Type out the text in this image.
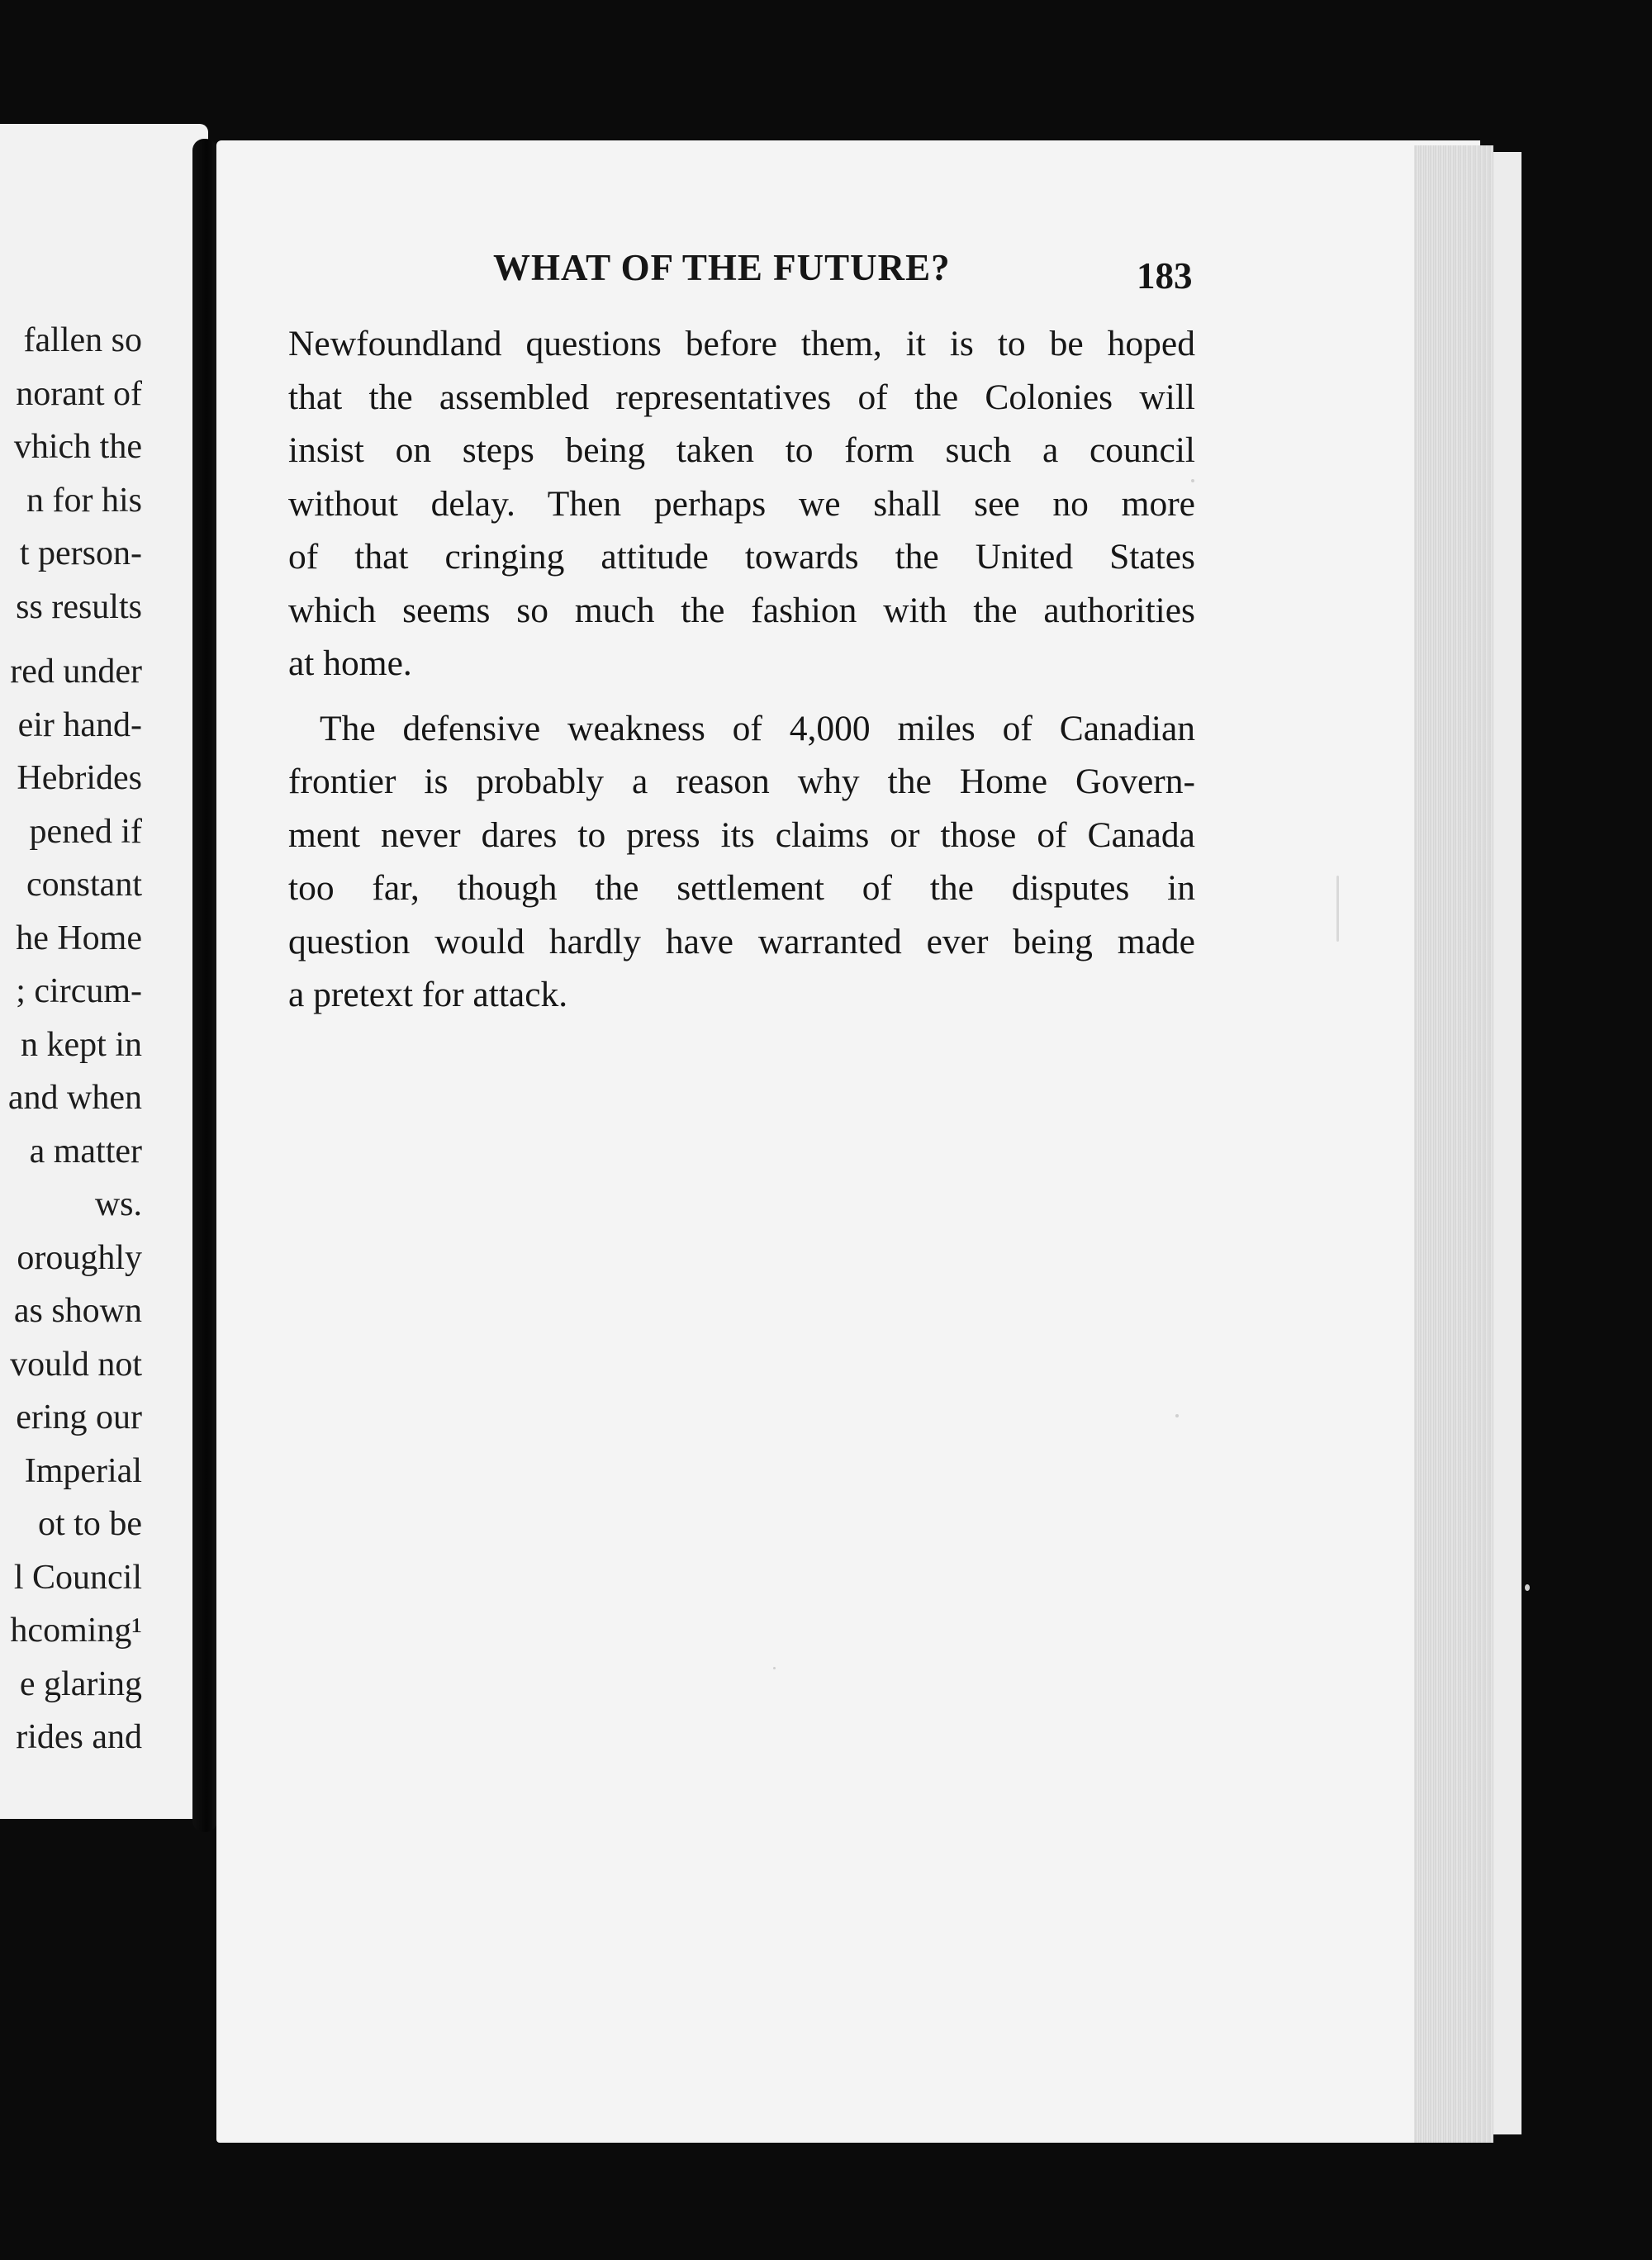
fallen so
norant of
vhich the
n for his
t person-
ss results
red under
eir hand-
Hebrides
pened if
constant
he Home
; circum-
n kept in
and when
a matter
ws.
oroughly
as shown
vould not
ering our
Imperial
ot to be
l Council
hcoming¹
e glaring
rides and
WHAT OF THE FUTURE?	183

Newfoundland questions before them, it is to be hoped
that the assembled representatives of the Colonies will
insist on steps being taken to form such a council
without delay. Then perhaps we shall see no more
of that cringing attitude towards the United States
which seems so much the fashion with the authorities
at home.

The defensive weakness of 4,000 miles of Canadian
frontier is probably a reason why the Home Govern-
ment never dares to press its claims or those of Canada
too far, though the settlement of the disputes in
question would hardly have warranted ever being made
a pretext for attack.
